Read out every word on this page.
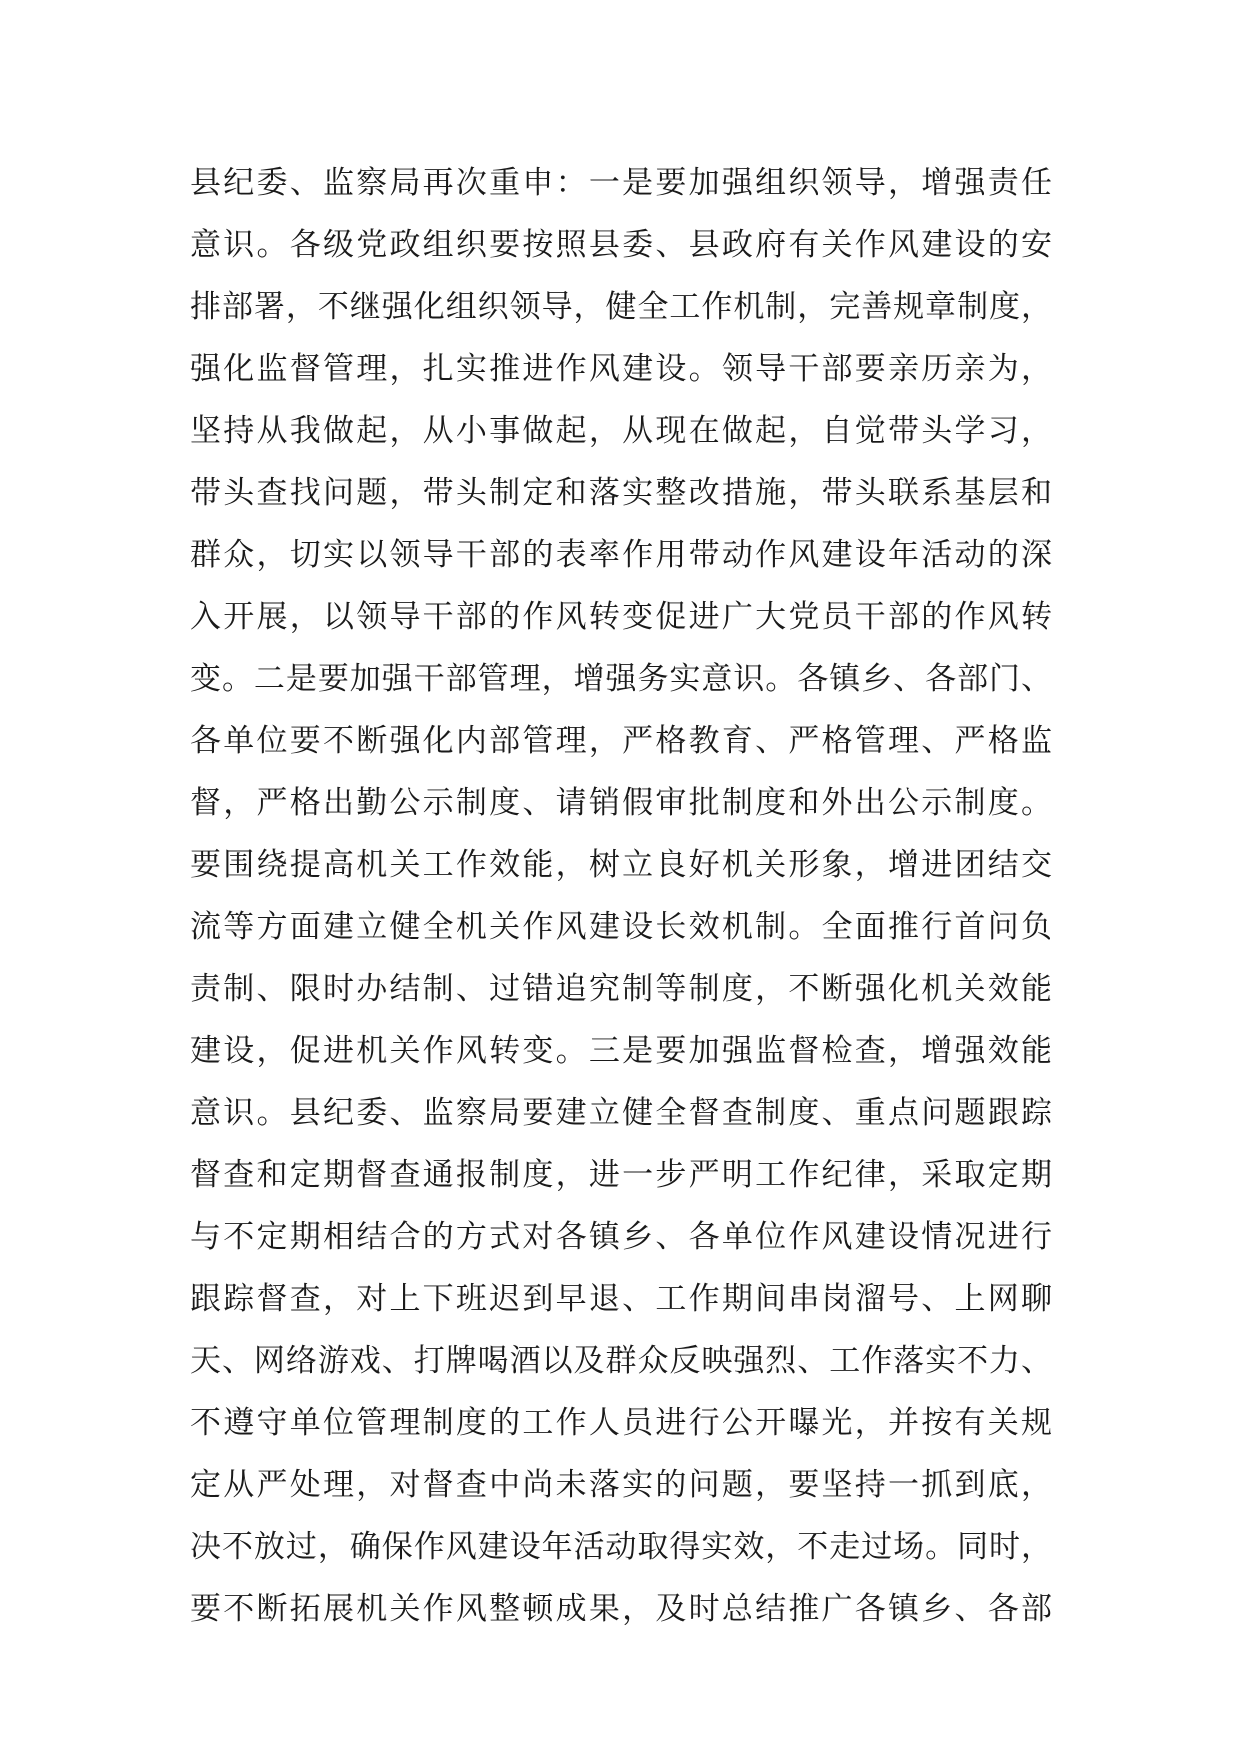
县纪委、监察局再次重申：一是要加强组织领导，增强责任
意识。各级党政组织要按照县委、县政府有关作风建设的安
排部署，不继强化组织领导，健全工作机制，完善规章制度，
强化监督管理，扎实推进作风建设。领导干部要亲历亲为，
坚持从我做起，从小事做起，从现在做起，自觉带头学习，
带头查找问题，带头制定和落实整改措施，带头联系基层和
群众，切实以领导干部的表率作用带动作风建设年活动的深
入开展，以领导干部的作风转变促进广大党员干部的作风转
变。二是要加强干部管理，增强务实意识。各镇乡、各部门、
各单位要不断强化内部管理，严格教育、严格管理、严格监
督，严格出勤公示制度、请销假审批制度和外出公示制度。
要围绕提高机关工作效能，树立良好机关形象，增进团结交
流等方面建立健全机关作风建设长效机制。全面推行首问负
责制、限时办结制、过错追究制等制度，不断强化机关效能
建设，促进机关作风转变。三是要加强监督检查，增强效能
意识。县纪委、监察局要建立健全督查制度、重点问题跟踪
督查和定期督查通报制度，进一步严明工作纪律，采取定期
与不定期相结合的方式对各镇乡、各单位作风建设情况进行
跟踪督查，对上下班迟到早退、工作期间串岗溜号、上网聊
天、网络游戏、打牌喝酒以及群众反映强烈、工作落实不力、
不遵守单位管理制度的工作人员进行公开曝光，并按有关规
定从严处理，对督查中尚未落实的问题，要坚持一抓到底，
决不放过，确保作风建设年活动取得实效，不走过场。同时，
要不断拓展机关作风整顿成果，及时总结推广各镇乡、各部
